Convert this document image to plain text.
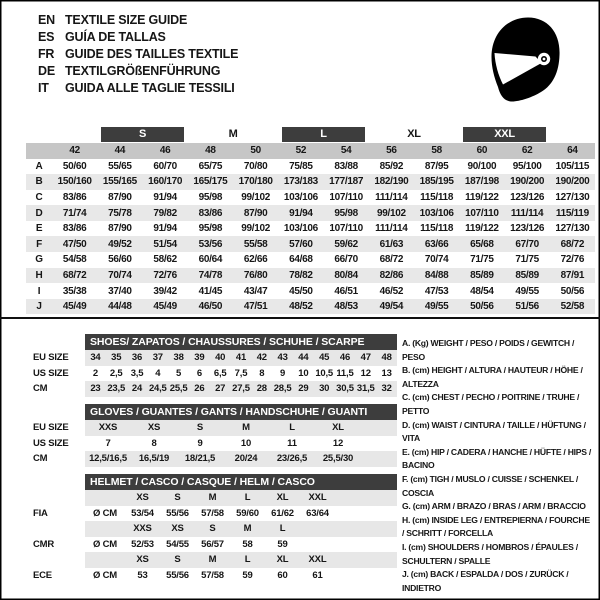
EN TEXTILE SIZE GUIDE
ES GUÍA DE TALLAS
FR GUIDE DES TAILLES TEXTILE
DE TEXTILGRÖßENFÜHRUNG
IT	GUIDA ALLE TAGLIE TESSILI

		S		M		L		XL		XXL		

	42	44	46	48	50	52	54	56	58	60	62	64
A	50/60	55/65	60/70	65/75	70/80	75/85	83/88	85/92	87/95	90/100	95/100	105/115
B	150/160	155/165	160/170	165/175	170/180	173/183	177/187	182/190	185/195	187/198	190/200	190/200
C	83/86	87/90	91/94	95/98	99/102	103/106	107/110	111/114	115/118	119/122	123/126	127/130
D	71/74	75/78	79/82	83/86	87/90	91/94	95/98	99/102	103/106	107/110	111/114	115/119
E	83/86	87/90	91/94	95/98	99/102	103/106	107/110	111/114	115/118	119/122	123/126	127/130
F	47/50	49/52	51/54	53/56	55/58	57/60	59/62	61/63	63/66	65/68	67/70	68/72
G	54/58	56/60	58/62	60/64	62/66	64/68	66/70	68/72	70/74	71/75	71/75	72/76
H	68/72	70/74	72/76	74/78	76/80	78/82	80/84	82/86	84/88	85/89	85/89	87/91
I	35/38	37/40	39/42	41/45	43/47	45/50	46/51	46/52	47/53	48/54	49/55	50/56
J	45/49	44/48	45/49	46/50	47/51	48/52	48/53	49/54	49/55	50/56	51/56	52/58
	SHOES/ ZAPATOS / CHAUSSURES / SCHUHE / SCARPE														
EU SIZE	34	35	36	37	38	39	40	41	42	43	44	45	46	47	48
US SIZE	2	2,5	3,5	4	5	6	6,5	7,5	8	9	10	10,5	11,5	12	13
CM	23	23,5	24	24,5	25,5	26	27	27,5	28	28,5	29	30	30,5	31,5	32
	GLOVES / GUANTES / GANTS / HANDSCHUHE / GUANTI						
EU SIZE	XXS	XS	S	M	L	XL	
US SIZE	7	8	9	10	11	12	
CM	12,5/16,5	16,5/19	18/21,5	20/24	23/26,5	25,5/30	
	HELMET / CASCO / CASQUE / HELM / CASCO							
		XS	S	M	L	XL	XXL	
FIA	Ø CM	53/54	55/56	57/58	59/60	61/62	63/64	
		XXS	XS	S	M	L		
CMR	Ø CM	52/53	54/55	56/57	58	59		
		XS	S	M	L	XL	XXL	
ECE	Ø CM	53	55/56	57/58	59	60	61	
A. (Kg) WEIGHT / PESO / POIDS / GEWITCH / PESO
B. (cm) HEIGHT / ALTURA / HAUTEUR / HÖHE / ALTEZZA
C. (cm) CHEST / PECHO / POITRINE / TRUHE / PETTO
D. (cm) WAIST / CINTURA / TAILLE / HÜFTUNG / VITA
E. (cm) HIP / CADERA / HANCHE / HÜFTE / HIPS / BACINO
F. (cm) TIGH / MUSLO / CUISSE / SCHENKEL / COSCIA
G. (cm) ARM / BRAZO / BRAS / ARM / BRACCIO
H. (cm) INSIDE LEG / ENTREPIERNA / FOURCHE / SCHRITT / FORCELLA
I. (cm) SHOULDERS / HOMBROS / ÉPAULES / SCHULTERN / SPALLE
J. (cm) BACK / ESPALDA / DOS / ZURÜCK / INDIETRO
